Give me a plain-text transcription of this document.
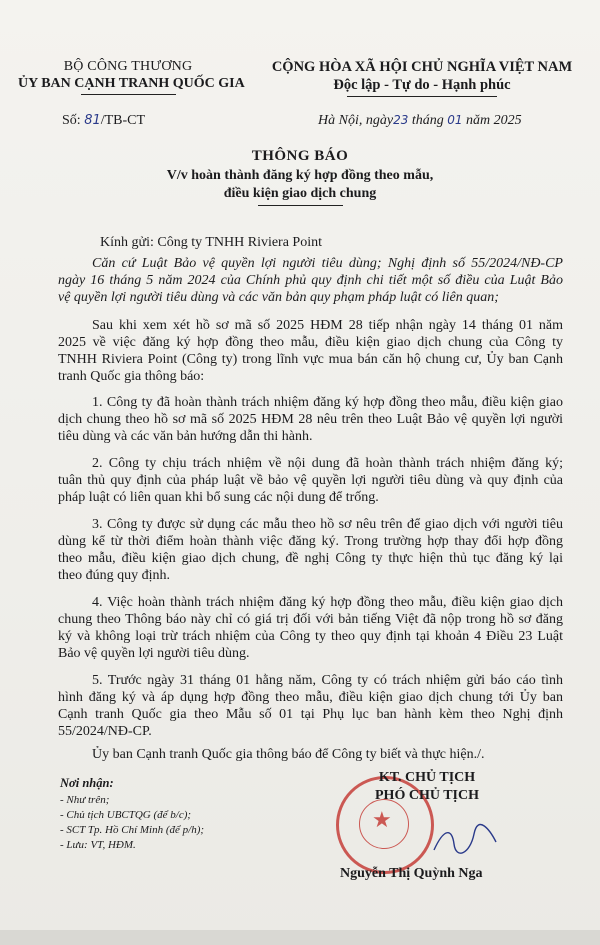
BỘ CÔNG THƯƠNG
ỦY BAN CẠNH TRANH QUỐC GIA
CỘNG HÒA XÃ HỘI CHỦ NGHĨA VIỆT NAM
Độc lập - Tự do - Hạnh phúc
Số: 81/TB-CT	Hà Nội, ngày23 tháng 01 năm 2025
THÔNG BÁO
V/v hoàn thành đăng ký hợp đồng theo mẫu,
điều kiện giao dịch chung
Kính gửi: Công ty TNHH Riviera Point
Căn cứ Luật Bảo vệ quyền lợi người tiêu dùng; Nghị định số 55/2024/NĐ-CP
ngày 16 tháng 5 năm 2024 của Chính phủ quy định chi tiết một số điều của Luật Bảo
vệ quyền lợi người tiêu dùng và các văn bản quy phạm pháp luật có liên quan;
Sau khi xem xét hồ sơ mã số 2025 HĐM 28 tiếp nhận ngày 14 tháng 01 năm
2025 về việc đăng ký hợp đồng theo mẫu, điều kiện giao dịch chung của Công ty
TNHH Riviera Point (Công ty) trong lĩnh vực mua bán căn hộ chung cư, Ủy ban Cạnh
tranh Quốc gia thông báo:
1. Công ty đã hoàn thành trách nhiệm đăng ký hợp đồng theo mẫu, điều kiện giao
dịch chung theo hồ sơ mã số 2025 HĐM 28 nêu trên theo Luật Bảo vệ quyền lợi người
tiêu dùng và các văn bản hướng dẫn thi hành.
2. Công ty chịu trách nhiệm về nội dung đã hoàn thành trách nhiệm đăng ký;
tuân thủ quy định của pháp luật về bảo vệ quyền lợi người tiêu dùng và quy định của
pháp luật có liên quan khi bổ sung các nội dung để trống.
3. Công ty được sử dụng các mẫu theo hồ sơ nêu trên để giao dịch với người tiêu
dùng kể từ thời điểm hoàn thành việc đăng ký. Trong trường hợp thay đổi hợp đồng
theo mẫu, điều kiện giao dịch chung, đề nghị Công ty thực hiện thủ tục đăng ký lại
theo đúng quy định.
4. Việc hoàn thành trách nhiệm đăng ký hợp đồng theo mẫu, điều kiện giao dịch
chung theo Thông báo này chỉ có giá trị đối với bản tiếng Việt đã nộp trong hồ sơ đăng
ký và không loại trừ trách nhiệm của Công ty theo quy định tại khoản 4 Điều 23 Luật
Bảo vệ quyền lợi người tiêu dùng.
5. Trước ngày 31 tháng 01 hằng năm, Công ty có trách nhiệm gửi báo cáo tình
hình đăng ký và áp dụng hợp đồng theo mẫu, điều kiện giao dịch chung tới Ủy ban
Cạnh tranh Quốc gia theo Mẫu số 01 tại Phụ lục ban hành kèm theo Nghị định
55/2024/NĐ-CP.
Ủy ban Cạnh tranh Quốc gia thông báo để Công ty biết và thực hiện./.
Nơi nhận:
- Như trên;
- Chủ tịch UBCTQG (để b/c);
- SCT Tp. Hồ Chí Minh (để p/h);
- Lưu: VT, HĐM.
★
KT. CHỦ TỊCH
PHÓ CHỦ TỊCH
Nguyễn Thị Quỳnh Nga
